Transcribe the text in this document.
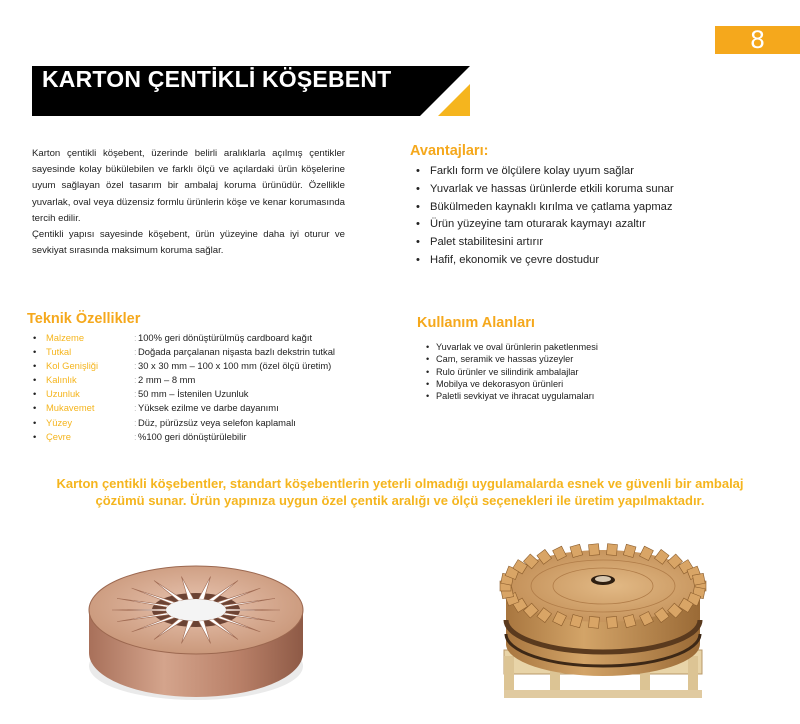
8
KARTON ÇENTİKLİ KÖŞEBENT

Karton çentikli köşebent, üzerinde belirli aralıklarla açılmış çentikler sayesinde kolay bükülebilen ve farklı ölçü ve açılardaki ürün köşelerine uyum sağlayan özel tasarım bir ambalaj koruma ürünüdür. Özellikle yuvarlak, oval veya düzensiz formlu ürünlerin köşe ve kenar korumasında tercih edilir.

Çentikli yapısı sayesinde köşebent, ürün yüzeyine daha iyi oturur ve sevkiyat sırasında maksimum koruma sağlar.

Avantajları:
• Farklı form ve ölçülere kolay uyum sağlar
• Yuvarlak ve hassas ürünlerde etkili koruma sunar
• Bükülmeden kaynaklı kırılma ve çatlama yapmaz
• Ürün yüzeyine tam oturarak kaymayı azaltır
• Palet stabilitesini artırır
• Hafif, ekonomik ve çevre dostudur
Teknik Özellikler
•	Malzeme	: 100% geri dönüştürülmüş cardboard kağıt
•	Tutkal	: Doğada parçalanan nişasta bazlı dekstrin tutkal
•	Kol Genişliği	: 30 x 30 mm – 100 x 100 mm (özel ölçü üretim)
•	Kalınlık	: 2 mm – 8 mm
•	Uzunluk	: 50 mm – İstenilen Uzunluk
•	Mukavemet	: Yüksek ezilme ve darbe dayanımı
•	Yüzey	: Düz, pürüzsüz veya selefon kaplamalı
•	Çevre	: %100 geri dönüştürülebilir
Kullanım Alanları
• Yuvarlak ve oval ürünlerin paketlenmesi
• Cam, seramik ve hassas yüzeyler
• Rulo ürünler ve silindirik ambalajlar
• Mobilya ve dekorasyon ürünleri
• Paletli sevkiyat ve ihracat uygulamaları

Karton çentikli köşebentler, standart köşebentlerin yeterli olmadığı uygulamalarda esnek ve güvenli bir ambalaj çözümü sunar. Ürün yapınıza uygun özel çentik aralığı ve ölçü seçenekleri ile üretim yapılmaktadır.
